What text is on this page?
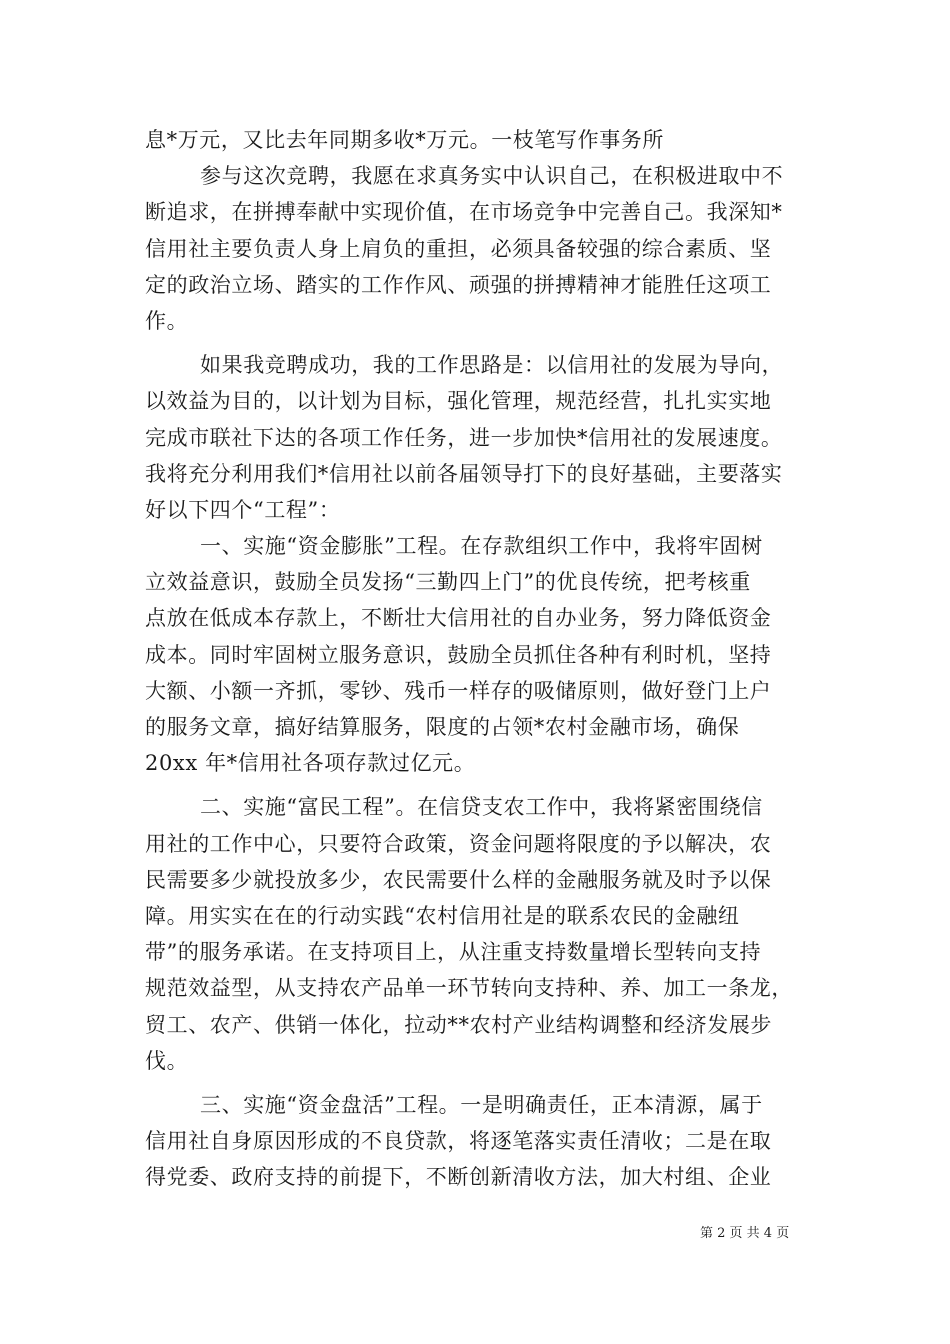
息*万元，又比去年同期多收*万元。一枝笔写作事务所
参与这次竞聘，我愿在求真务实中认识自己，在积极进取中不
断追求，在拼搏奉献中实现价值，在市场竞争中完善自己。我深知*
信用社主要负责人身上肩负的重担，必须具备较强的综合素质、坚
定的政治立场、踏实的工作作风、顽强的拼搏精神才能胜任这项工
作。
如果我竞聘成功，我的工作思路是：以信用社的发展为导向，
以效益为目的，以计划为目标，强化管理，规范经营，扎扎实实地
完成市联社下达的各项工作任务，进一步加快*信用社的发展速度。
我将充分利用我们*信用社以前各届领导打下的良好基础，主要落实
好以下四个“工程”：
一、实施“资金膨胀”工程。在存款组织工作中，我将牢固树
立效益意识，鼓励全员发扬“三勤四上门”的优良传统，把考核重
点放在低成本存款上，不断壮大信用社的自办业务，努力降低资金
成本。同时牢固树立服务意识，鼓励全员抓住各种有利时机，坚持
大额、小额一齐抓，零钞、残币一样存的吸储原则，做好登门上户
的服务文章，搞好结算服务，限度的占领*农村金融市场，确保
20xx 年*信用社各项存款过亿元。
二、实施“富民工程”。在信贷支农工作中，我将紧密围绕信
用社的工作中心，只要符合政策，资金问题将限度的予以解决，农
民需要多少就投放多少，农民需要什么样的金融服务就及时予以保
障。用实实在在的行动实践“农村信用社是的联系农民的金融纽
带”的服务承诺。在支持项目上，从注重支持数量增长型转向支持
规范效益型，从支持农产品单一环节转向支持种、养、加工一条龙，
贸工、农产、供销一体化，拉动**农村产业结构调整和经济发展步
伐。
三、实施“资金盘活”工程。一是明确责任，正本清源，属于
信用社自身原因形成的不良贷款，将逐笔落实责任清收；二是在取
得党委、政府支持的前提下，不断创新清收方法，加大村组、企业
第 2 页 共 4 页
